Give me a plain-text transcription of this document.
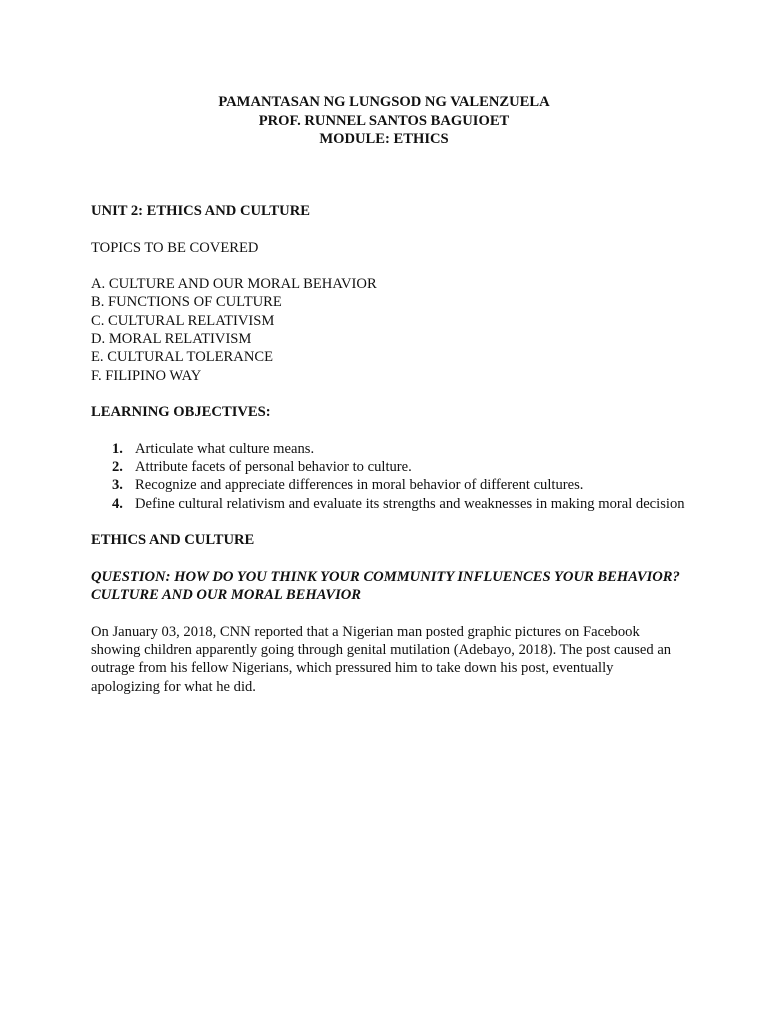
PAMANTASAN NG LUNGSOD NG VALENZUELA
PROF. RUNNEL SANTOS BAGUIOET
MODULE: ETHICS
UNIT 2: ETHICS AND CULTURE
TOPICS TO BE COVERED
A. CULTURE AND OUR MORAL BEHAVIOR
B. FUNCTIONS OF CULTURE
C. CULTURAL RELATIVISM
D. MORAL RELATIVISM
E. CULTURAL TOLERANCE
F. FILIPINO WAY
LEARNING OBJECTIVES:
1. Articulate what culture means.
2. Attribute facets of personal behavior to culture.
3. Recognize and appreciate differences in moral behavior of different cultures.
4. Define cultural relativism and evaluate its strengths and weaknesses in making moral decision
ETHICS AND CULTURE
QUESTION: HOW DO YOU THINK YOUR COMMUNITY INFLUENCES YOUR BEHAVIOR?
CULTURE AND OUR MORAL BEHAVIOR
On January 03, 2018, CNN reported that a Nigerian man posted graphic pictures on Facebook showing children apparently going through genital mutilation (Adebayo, 2018). The post caused an outrage from his fellow Nigerians, which pressured him to take down his post, eventually apologizing for what he did.
